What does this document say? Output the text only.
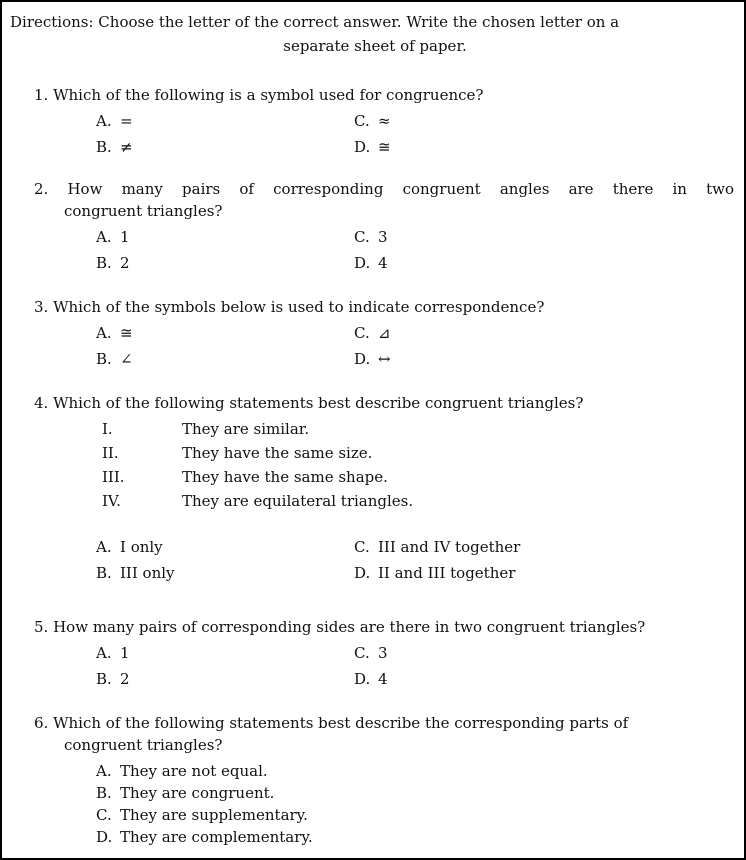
Directions: Choose the letter of the correct answer. Write the chosen letter on a
separate sheet of paper.
1. Which of the following is a symbol used for congruence?
A. =	C. ≈
B. ≠	D. ≅
2. How many pairs of corresponding congruent angles are there in two
congruent triangles?
A. 1	C. 3
B. 2	D. 4
3. Which of the symbols below is used to indicate correspondence?
A. ≅	C. ⊿
B. ∠	D. ↔
4. Which of the following statements best describe congruent triangles?
I.	They are similar.
II.	They have the same size.
III.	They have the same shape.
IV.	They are equilateral triangles.
A. I only	C. III and IV together
B. III only	D. II and III together
5. How many pairs of corresponding sides are there in two congruent triangles?
A. 1	C. 3
B. 2	D. 4
6. Which of the following statements best describe the corresponding parts of
congruent triangles?
A. They are not equal.
B. They are congruent.
C. They are supplementary.
D. They are complementary.
